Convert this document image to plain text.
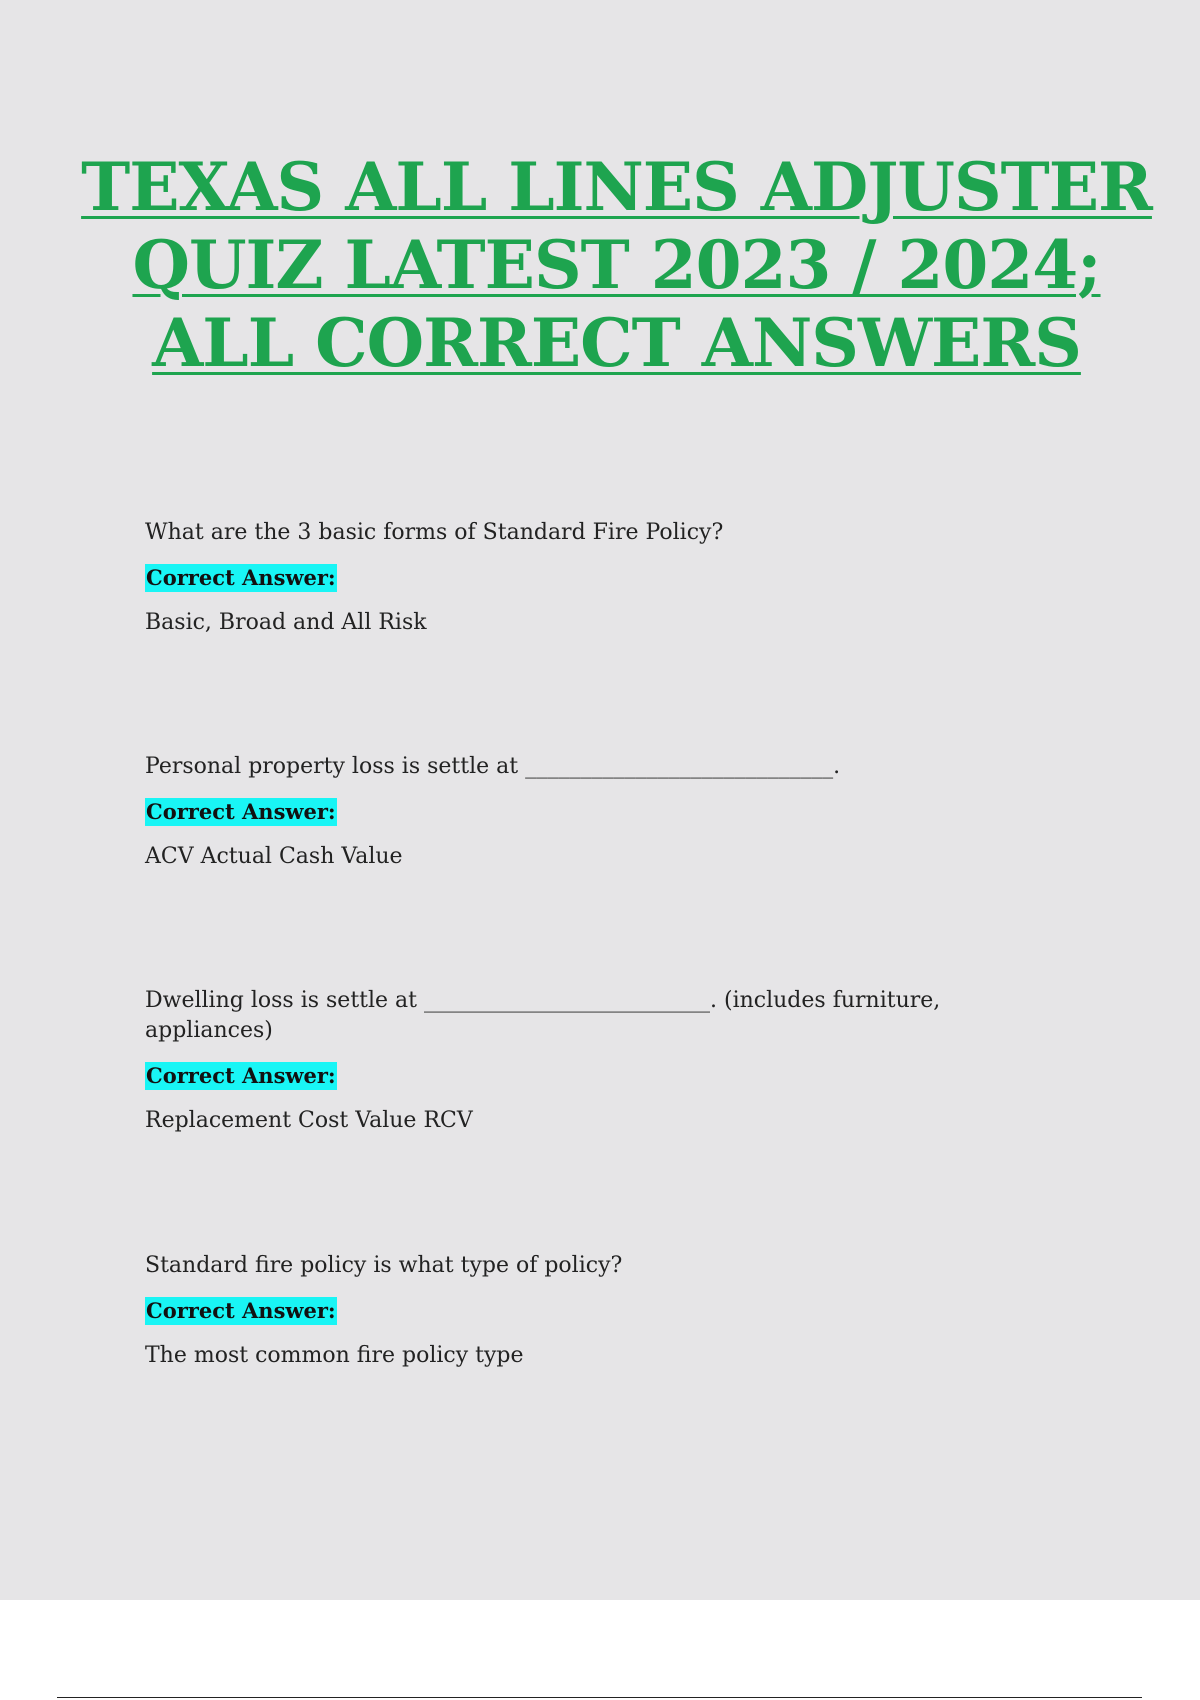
TEXAS ALL LINES ADJUSTER QUIZ LATEST 2023 / 2024; ALL CORRECT ANSWERS

What are the 3 basic forms of Standard Fire Policy?

Correct Answer:

Basic, Broad and All Risk

Personal property loss is settle at ____________________________.

Correct Answer:

ACV Actual Cash Value

Dwelling loss is settle at __________________________. (includes furniture, appliances)

Correct Answer:

Replacement Cost Value RCV

Standard fire policy is what type of policy?

Correct Answer:

The most common fire policy type
